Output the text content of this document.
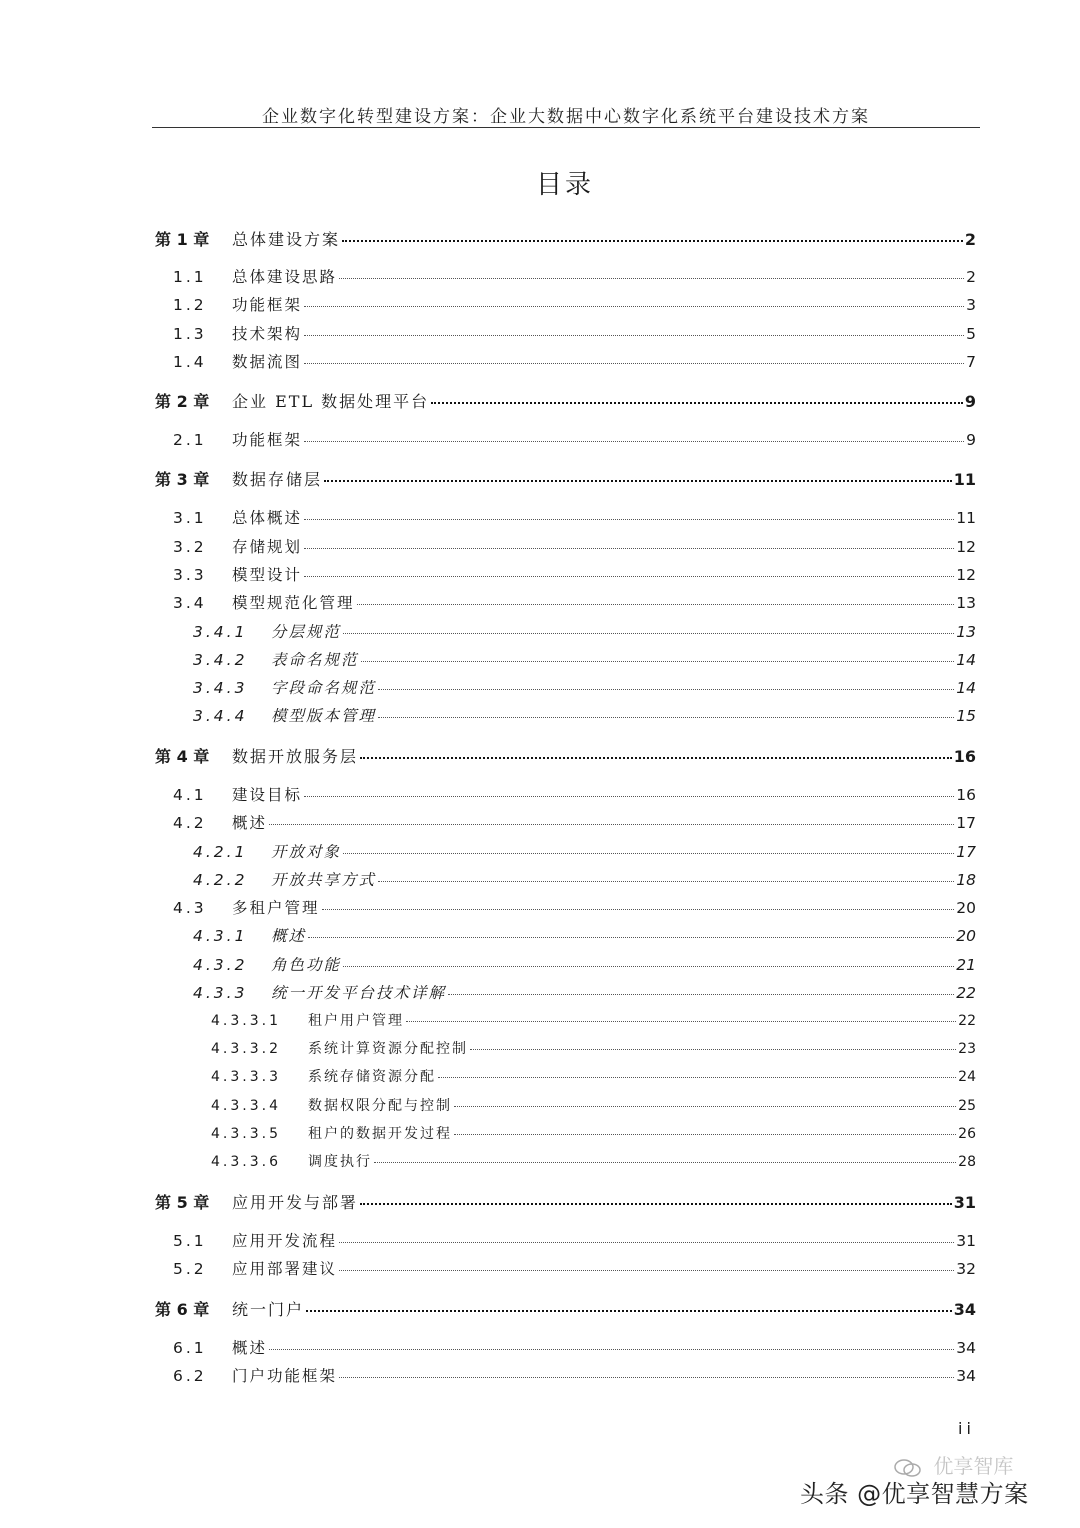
企业数字化转型建设方案：企业大数据中心数字化系统平台建设技术方案
目录
第 1 章	总体建设方案	2
1.1	总体建设思路	2
1.2	功能框架	3
1.3	技术架构	5
1.4	数据流图	7
第 2 章	企业 ETL 数据处理平台	9
2.1	功能框架	9
第 3 章	数据存储层	11
3.1	总体概述	11
3.2	存储规划	12
3.3	模型设计	12
3.4	模型规范化管理	13
3.4.1	分层规范	13
3.4.2	表命名规范	14
3.4.3	字段命名规范	14
3.4.4	模型版本管理	15
第 4 章	数据开放服务层	16
4.1	建设目标	16
4.2	概述	17
4.2.1	开放对象	17
4.2.2	开放共享方式	18
4.3	多租户管理	20
4.3.1	概述	20
4.3.2	角色功能	21
4.3.3	统一开发平台技术详解	22
4.3.3.1	租户用户管理	22
4.3.3.2	系统计算资源分配控制	23
4.3.3.3	系统存储资源分配	24
4.3.3.4	数据权限分配与控制	25
4.3.3.5	租户的数据开发过程	26
4.3.3.6	调度执行	28
第 5 章	应用开发与部署	31
5.1	应用开发流程	31
5.2	应用部署建议	32
第 6 章	统一门户	34
6.1	概述	34
6.2	门户功能框架	34
ii
优享智库
头条 @优享智慧方案
